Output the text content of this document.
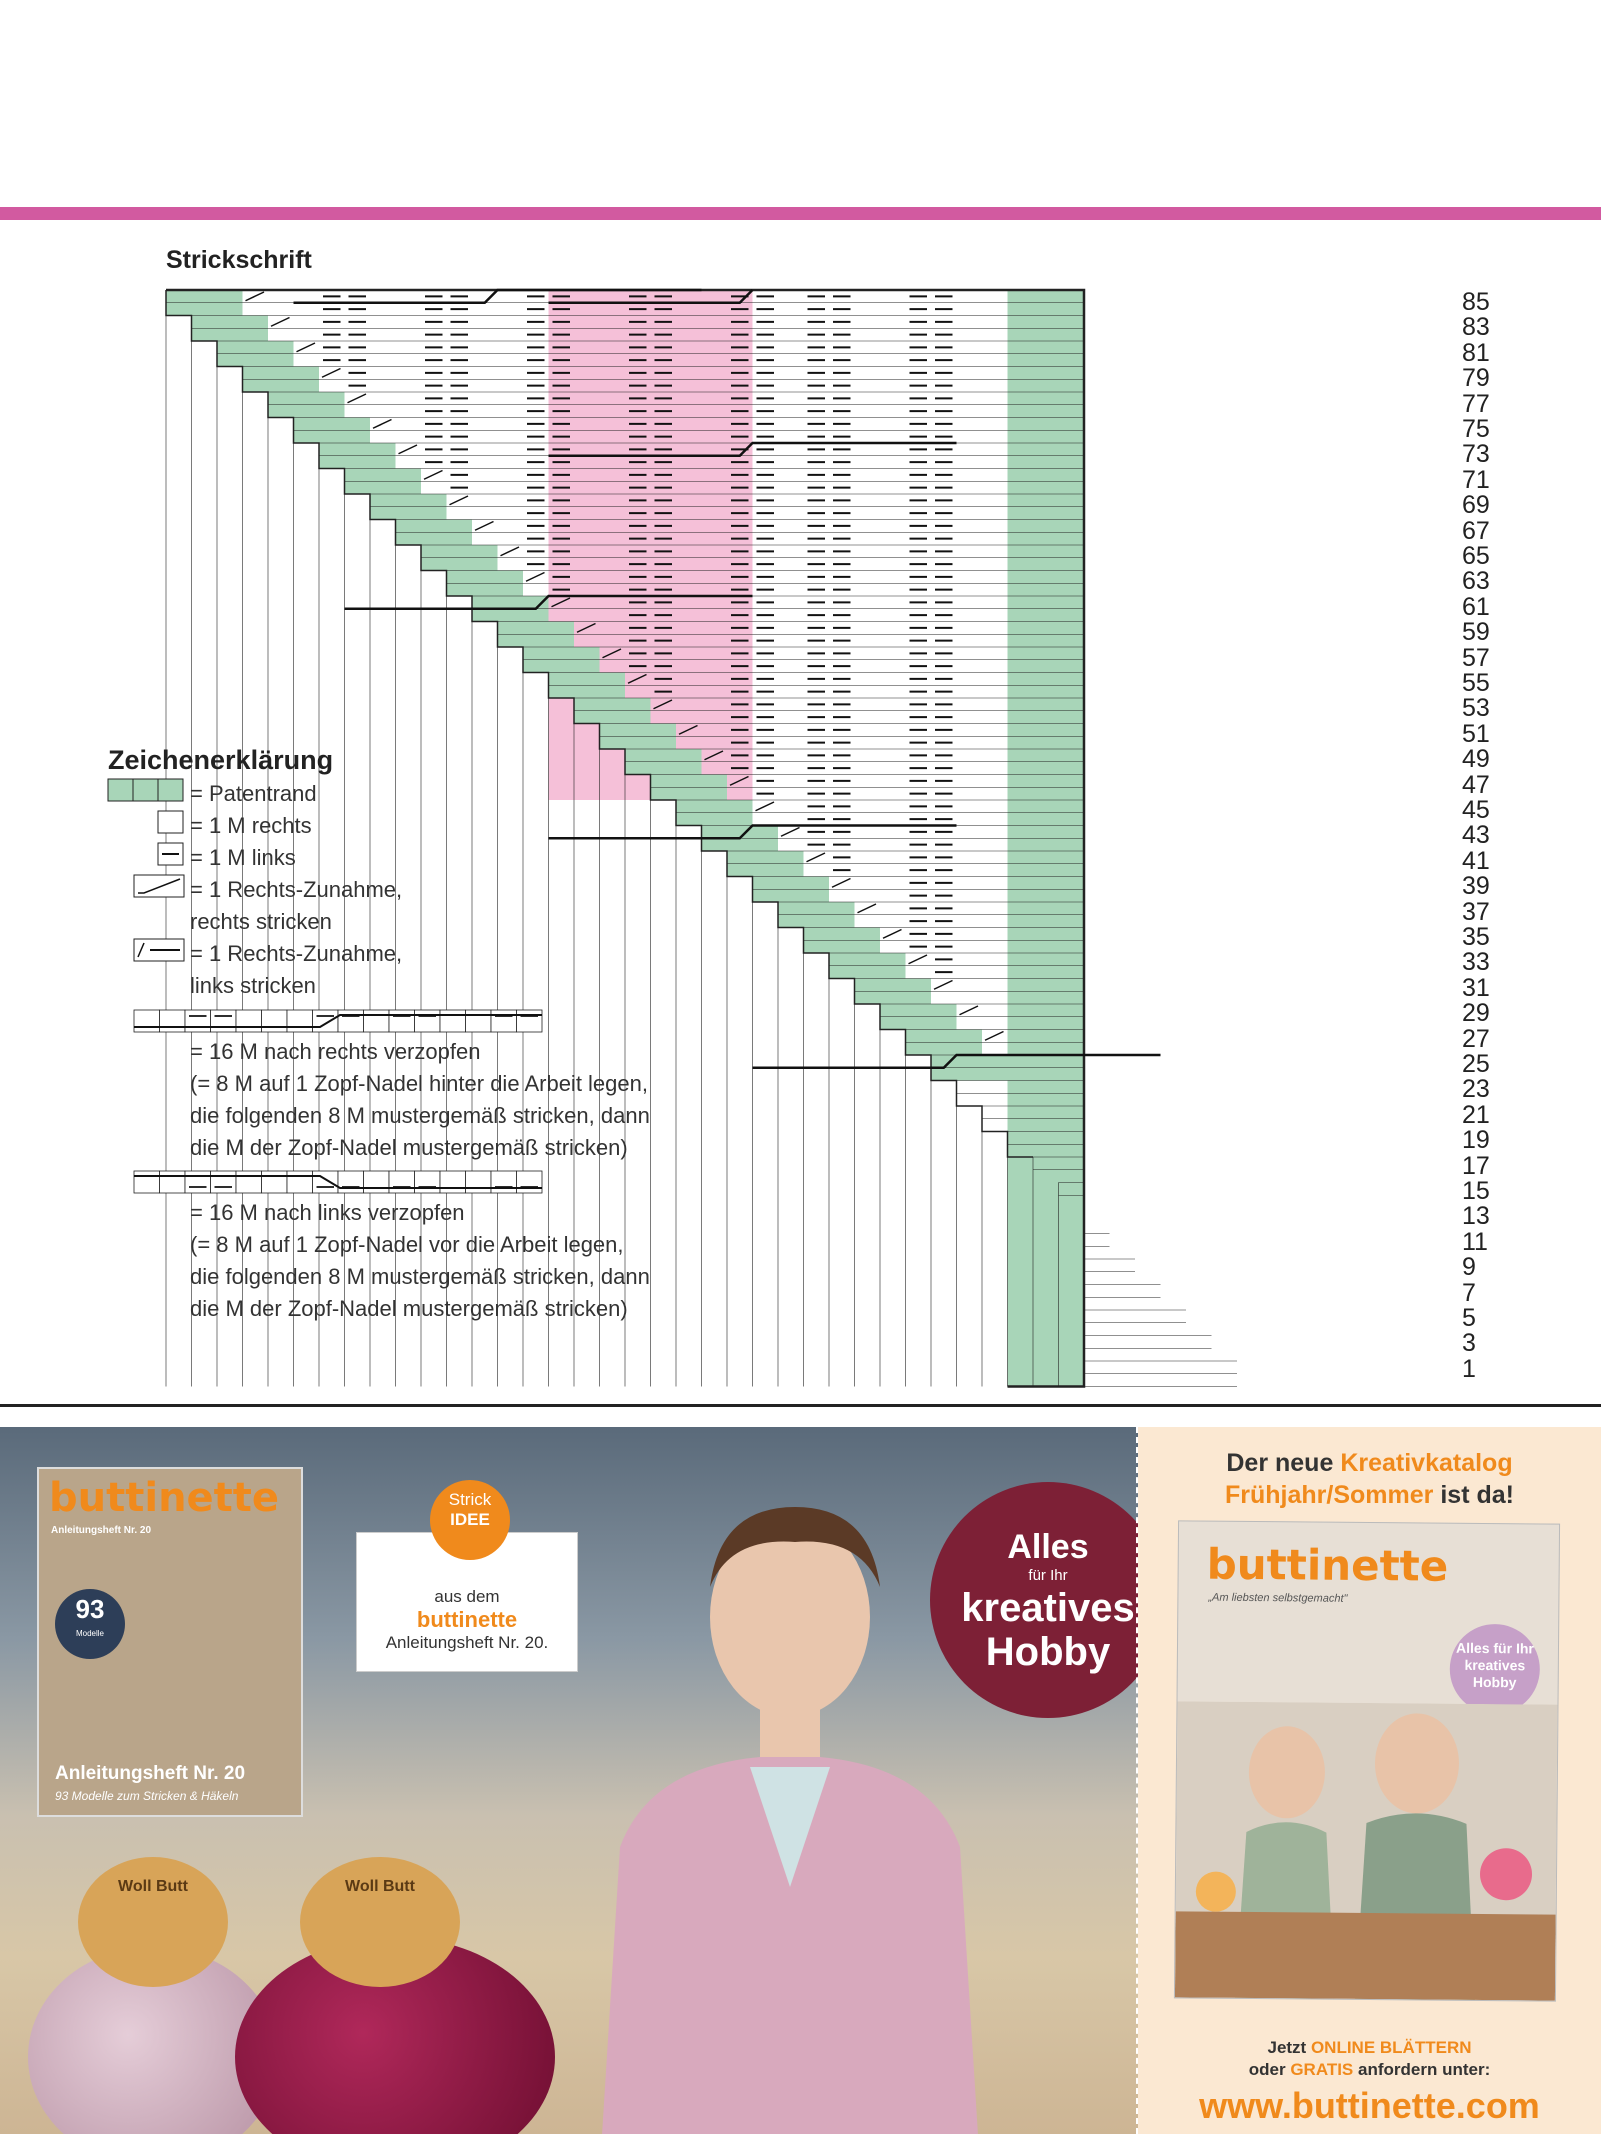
Strickschrift
85
83
81
79
77
75
73
71
69
67
65
63
61
59
57
55
53
51
49
47
45
43
41
39
37
35
33
31
29
27
25
23
21
19
17
15
13
11
9
7
5
3
1
Zeichenerklärung
= Patentrand
= 1 M rechts
= 1 M links
= 1 Rechts-Zunahme,
rechts stricken
= 1 Rechts-Zunahme,
links stricken
= 16 M nach rechts verzopfen
(= 8 M auf 1 Zopf-Nadel hinter die Arbeit legen,
die folgenden 8 M mustergemäß stricken, dann
die M der Zopf-Nadel mustergemäß stricken)
= 16 M nach links verzopfen
(= 8 M auf 1 Zopf-Nadel vor die Arbeit legen,
die folgenden 8 M mustergemäß stricken, dann
die M der Zopf-Nadel mustergemäß stricken)
buttinette
Anleitungsheft Nr. 20
93
Modelle
Anleitungsheft Nr. 20
93 Modelle zum Stricken & Häkeln
aus dem
buttinette
Anleitungsheft Nr. 20.
Strick
IDEE
Alles
für Ihr
kreatives
Hobby
Woll Butt	Woll Butt
Der neue Kreativkatalog
Frühjahr/Sommer ist da!
buttinette
„Am liebsten selbstgemacht"
Alles für Ihr kreatives Hobby
Jetzt ONLINE BLÄTTERN
oder GRATIS anfordern unter:
www.buttinette.com
